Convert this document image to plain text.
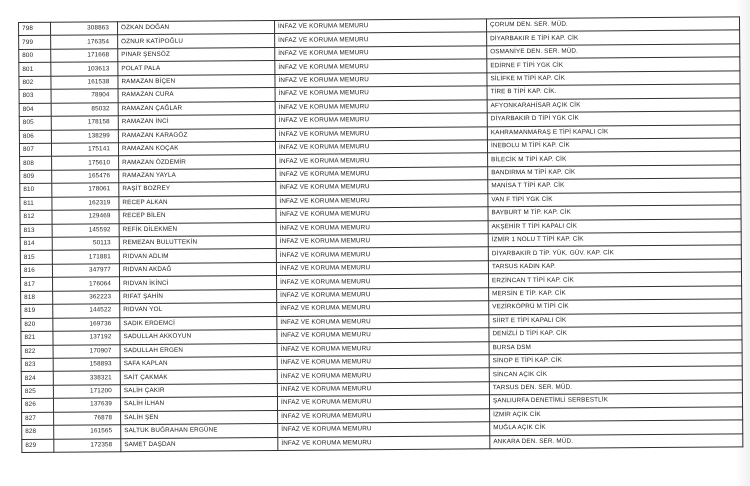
798	308863	ÖZKAN DOĞAN	İNFAZ VE KORUMA MEMURU	ÇORUM DEN. SER. MÜD.
799	176354	ÖZNUR KATİPOĞLU	İNFAZ VE KORUMA MEMURU	DİYARBAKIR E TİPİ KAP. CİK
800	171668	PINAR ŞENSÖZ	İNFAZ VE KORUMA MEMURU	OSMANİYE DEN. SER. MÜD.
801	103613	POLAT PALA	İNFAZ VE KORUMA MEMURU	EDİRNE F TİPİ YGK CİK
802	161538	RAMAZAN BİÇEN	İNFAZ VE KORUMA MEMURU	SİLİFKE M TİPİ KAP. CİK
803	78904	RAMAZAN CURA	İNFAZ VE KORUMA MEMURU	TİRE B TİPİ KAP. CİK.
804	85032	RAMAZAN ÇAĞLAR	İNFAZ VE KORUMA MEMURU	AFYONKARAHİSAR AÇIK CİK
805	178158	RAMAZAN İNCİ	İNFAZ VE KORUMA MEMURU	DİYARBAKIR D TİPİ YGK CİK
806	138299	RAMAZAN KARAGÖZ	İNFAZ VE KORUMA MEMURU	KAHRAMANMARAŞ E TİPİ KAPALI CİK
807	175141	RAMAZAN KOÇAK	İNFAZ VE KORUMA MEMURU	İNEBOLU M TİPİ KAP. CİK
808	175610	RAMAZAN ÖZDEMİR	İNFAZ VE KORUMA MEMURU	BİLECİK M TİPİ KAP. CİK
809	165476	RAMAZAN YAYLA	İNFAZ VE KORUMA MEMURU	BANDIRMA M TİPİ KAP. CİK
810	178061	RAŞİT BOZREY	İNFAZ VE KORUMA MEMURU	MANİSA T TİPİ KAP. CİK
811	162319	RECEP ALKAN	İNFAZ VE KORUMA MEMURU	VAN F TİPİ YGK CİK
812	129469	RECEP BİLEN	İNFAZ VE KORUMA MEMURU	BAYBURT M TİP. KAP. CİK
813	145592	REFİK DİLEKMEN	İNFAZ VE KORUMA MEMURU	AKŞEHİR T TİPİ KAPALI CİK
814	50113	REMEZAN BULUTTEKİN	İNFAZ VE KORUMA MEMURU	İZMİR 1 NOLU T TİPİ KAP. CİK
815	171881	RIDVAN ADLIM	İNFAZ VE KORUMA MEMURU	DİYARBAKIR D TİP. YÜK. GÜV. KAP. CİK
816	347977	RIDVAN AKDAĞ	İNFAZ VE KORUMA MEMURU	TARSUS KADIN KAP.
817	176064	RIDVAN İKİNCİ	İNFAZ VE KORUMA MEMURU	ERZİNCAN T TİPİ KAP. CİK
818	362223	RIFAT ŞAHİN	İNFAZ VE KORUMA MEMURU	MERSİN E TİP. KAP. CİK
819	144522	RIDVAN YOL	İNFAZ VE KORUMA MEMURU	VEZİRKÖPRÜ M TİPİ CİK
820	169736	SADIK ERDEMCİ	İNFAZ VE KORUMA MEMURU	SİİRT E TİPİ KAPALI CİK
821	137192	SADULLAH AKKOYUN	İNFAZ VE KORUMA MEMURU	DENİZLİ D TİPİ KAP. CİK
822	170907	SADULLAH ERGEN	İNFAZ VE KORUMA MEMURU	BURSA DSM
823	158893	SAFA KAPLAN	İNFAZ VE KORUMA MEMURU	SİNOP E TİPİ KAP. CİK
824	338321	SAİT ÇAKMAK	İNFAZ VE KORUMA MEMURU	SİNCAN AÇIK CİK
825	171200	SALİH ÇAKIR	İNFAZ VE KORUMA MEMURU	TARSUS DEN. SER. MÜD.
826	137639	SALİH İLHAN	İNFAZ VE KORUMA MEMURU	ŞANLIURFA DENETİMLİ SERBESTLİK
827	76878	SALİH ŞEN	İNFAZ VE KORUMA MEMURU	İZMİR AÇIK CİK
828	161565	SALTUK BUĞRAHAN ERGÜNE	İNFAZ VE KORUMA MEMURU	MUĞLA AÇIK CİK
829	172358	SAMET DAŞDAN	İNFAZ VE KORUMA MEMURU	ANKARA DEN. SER. MÜD.
